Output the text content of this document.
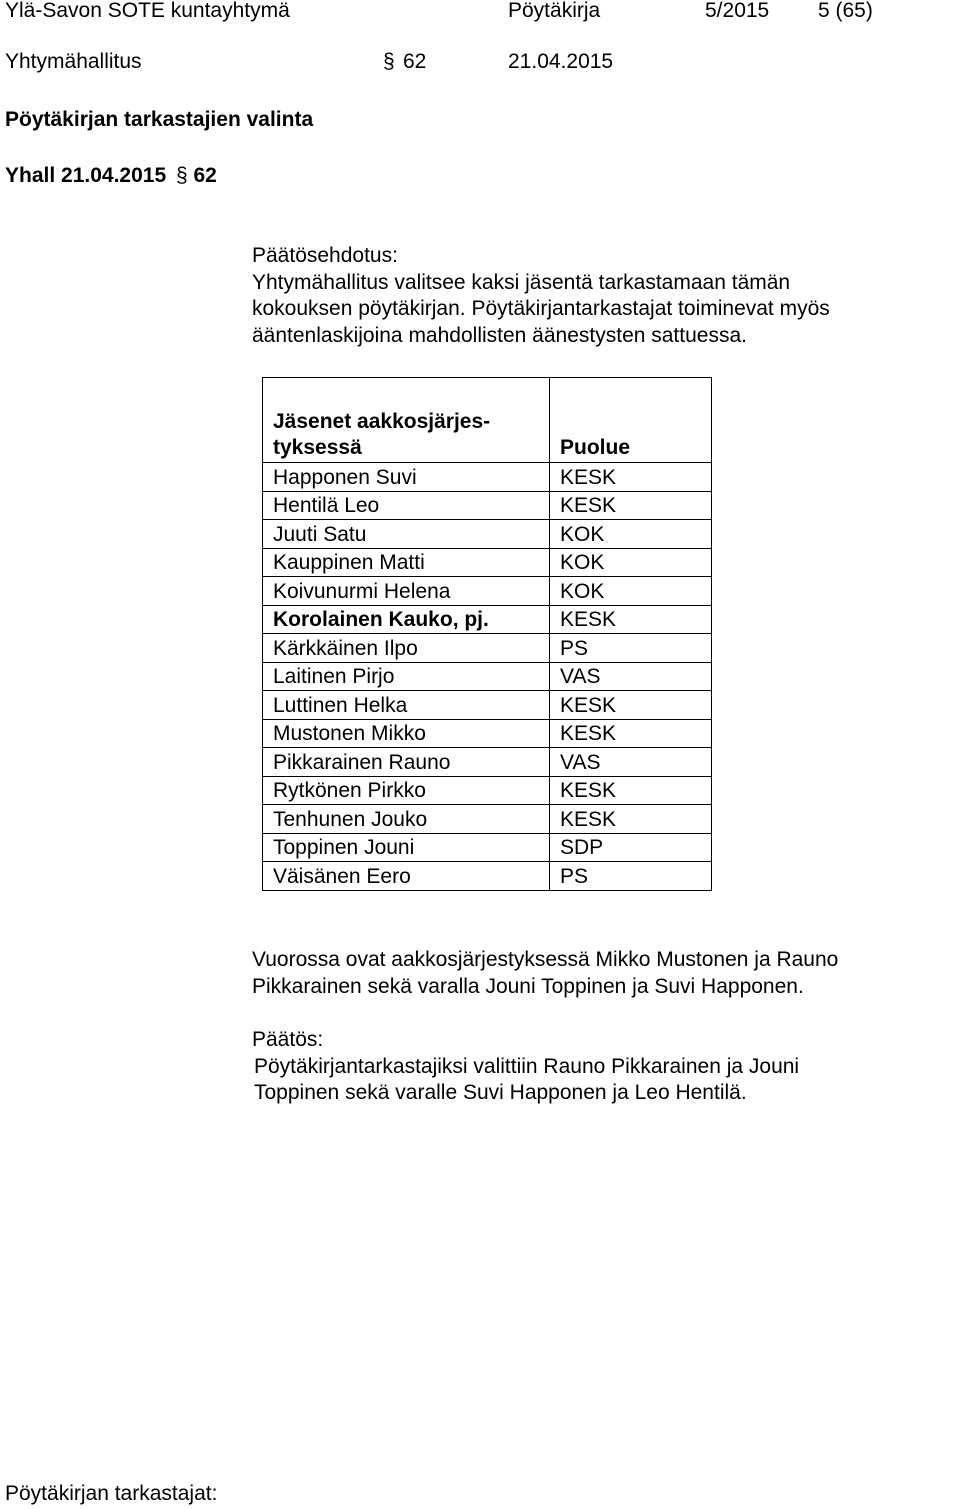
Ylä-Savon SOTE kuntayhtymä	Pöytäkirja	5/2015 5 (65)
Yhtymähallitus	§ 62	21.04.2015
Pöytäkirjan tarkastajien valinta
Yhall 21.04.2015 § 62
Päätösehdotus:
Yhtymähallitus valitsee kaksi jäsentä tarkastamaan tämän
kokouksen pöytäkirjan. Pöytäkirjantarkastajat toiminevat myös
ääntenlaskijoina mahdollisten äänestysten sattuessa.
Jäsenet aakkosjärjes-
tyksessä	Puolue
Happonen Suvi	KESK
Hentilä Leo	KESK
Juuti Satu	KOK
Kauppinen Matti	KOK
Koivunurmi Helena	KOK
Korolainen Kauko, pj.	KESK
Kärkkäinen Ilpo	PS
Laitinen Pirjo	VAS
Luttinen Helka	KESK
Mustonen Mikko	KESK
Pikkarainen Rauno	VAS
Rytkönen Pirkko	KESK
Tenhunen Jouko	KESK
Toppinen Jouni	SDP
Väisänen Eero	PS
Vuorossa ovat aakkosjärjestyksessä Mikko Mustonen ja Rauno
Pikkarainen sekä varalla Jouni Toppinen ja Suvi Happonen.
Päätös:
Pöytäkirjantarkastajiksi valittiin Rauno Pikkarainen ja Jouni
Toppinen sekä varalle Suvi Happonen ja Leo Hentilä.
Pöytäkirjan tarkastajat:
